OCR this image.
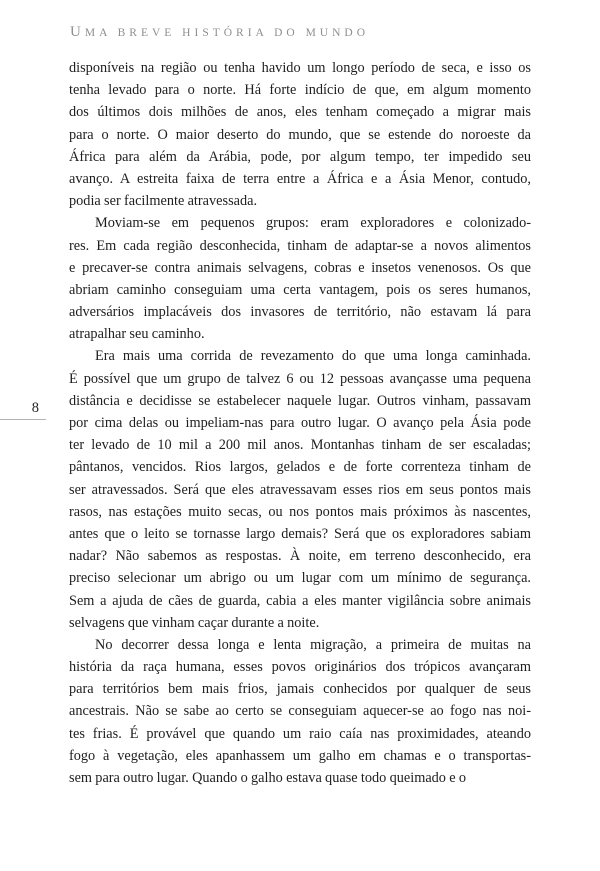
UMA BREVE HISTÓRIA DO MUNDO
8
disponíveis na região ou tenha havido um longo período de seca, e isso os
tenha levado para o norte. Há forte indício de que, em algum momento
dos últimos dois milhões de anos, eles tenham começado a migrar mais
para o norte. O maior deserto do mundo, que se estende do noroeste da
África para além da Arábia, pode, por algum tempo, ter impedido seu
avanço. A estreita faixa de terra entre a África e a Ásia Menor, contudo,
podia ser facilmente atravessada.
Moviam-se em pequenos grupos: eram exploradores e colonizado-
res. Em cada região desconhecida, tinham de adaptar-se a novos alimentos
e precaver-se contra animais selvagens, cobras e insetos venenosos. Os que
abriam caminho conseguiam uma certa vantagem, pois os seres humanos,
adversários implacáveis dos invasores de território, não estavam lá para
atrapalhar seu caminho.
Era mais uma corrida de revezamento do que uma longa caminhada.
É possível que um grupo de talvez 6 ou 12 pessoas avançasse uma pequena
distância e decidisse se estabelecer naquele lugar. Outros vinham, passavam
por cima delas ou impeliam-nas para outro lugar. O avanço pela Ásia pode
ter levado de 10 mil a 200 mil anos. Montanhas tinham de ser escaladas;
pântanos, vencidos. Rios largos, gelados e de forte correnteza tinham de
ser atravessados. Será que eles atravessavam esses rios em seus pontos mais
rasos, nas estações muito secas, ou nos pontos mais próximos às nascentes,
antes que o leito se tornasse largo demais? Será que os exploradores sabiam
nadar? Não sabemos as respostas. À noite, em terreno desconhecido, era
preciso selecionar um abrigo ou um lugar com um mínimo de segurança.
Sem a ajuda de cães de guarda, cabia a eles manter vigilância sobre animais
selvagens que vinham caçar durante a noite.
No decorrer dessa longa e lenta migração, a primeira de muitas na
história da raça humana, esses povos originários dos trópicos avançaram
para territórios bem mais frios, jamais conhecidos por qualquer de seus
ancestrais. Não se sabe ao certo se conseguiam aquecer-se ao fogo nas noi-
tes frias. É provável que quando um raio caía nas proximidades, ateando
fogo à vegetação, eles apanhassem um galho em chamas e o transportas-
sem para outro lugar. Quando o galho estava quase todo queimado e o
